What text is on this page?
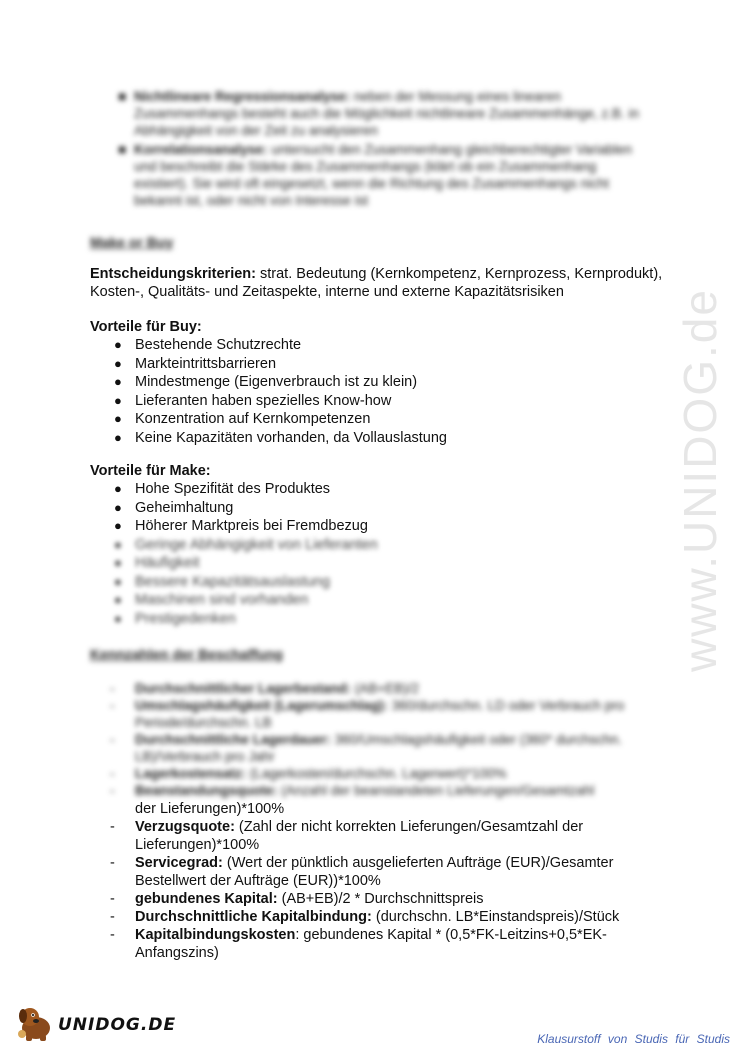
■ Nichtlineare Regressionsanalyse: neben der Messung eines linearen Zusammenhangs besteht auch die Möglichkeit nichtlineare Zusammenhänge, z.B. in Abhängigkeit von der Zeit zu analysieren
■ Korrelationsanalyse: untersucht den Zusammenhang gleichberechtigter Variablen und beschreibt die Stärke des Zusammenhangs (klärt ob ein Zusammenhang existiert). Sie wird oft eingesetzt, wenn die Richtung des Zusammenhangs nicht bekannt ist, oder nicht von Interesse ist
Make or Buy
Entscheidungskriterien: strat. Bedeutung (Kernkompetenz, Kernprozess, Kernprodukt), Kosten-, Qualitäts- und Zeitaspekte, interne und externe Kapazitätsrisiken

Vorteile für Buy:

● Bestehende Schutzrechte
● Markteintrittsbarrieren
● Mindestmenge (Eigenverbrauch ist zu klein)
● Lieferanten haben spezielles Know-how
● Konzentration auf Kernkompetenzen
● Keine Kapazitäten vorhanden, da Vollauslastung

Vorteile für Make:

● Hohe Spezifität des Produktes
● Geheimhaltung
● Höherer Marktpreis bei Fremdbezug
● Geringe Abhängigkeit von Lieferanten
● Häufigkeit
● Bessere Kapazitätsauslastung
● Maschinen sind vorhanden
● Prestigedenken
Kennzahlen der Beschaffung
- Durchschnittlicher Lagerbestand: (AB+EB)/2
- Umschlagshäufigkeit (Lagerumschlag): 360/durchschn. LD oder Verbrauch pro Periode/durchschn. LB
- Durchschnittliche Lagerdauer: 360/Umschlagshäufigkeit oder (360* durchschn. LB)/Verbrauch pro Jahr
- Lagerkostensatz: (Lagerkosten/durchschn. Lagerwert)*100%
- Beanstandungsquote: (Anzahl der beanstandeten Lieferungen/Gesamtzahl
der Lieferungen)*100%
- Verzugsquote: (Zahl der nicht korrekten Lieferungen/Gesamtzahl der Lieferungen)*100%
- Servicegrad: (Wert der pünktlich ausgelieferten Aufträge (EUR)/Gesamter Bestellwert der Aufträge (EUR))*100%
- gebundenes Kapital: (AB+EB)/2 * Durchschnittspreis
- Durchschnittliche Kapitalbindung: (durchschn. LB*Einstandspreis)/Stück
- Kapitalbindungskosten: gebundenes Kapital * (0,5*FK-Leitzins+0,5*EK-Anfangszins)
www.UNIDOG.de
UNIDOG.DE
Klausurstoff von Studis für Studis
